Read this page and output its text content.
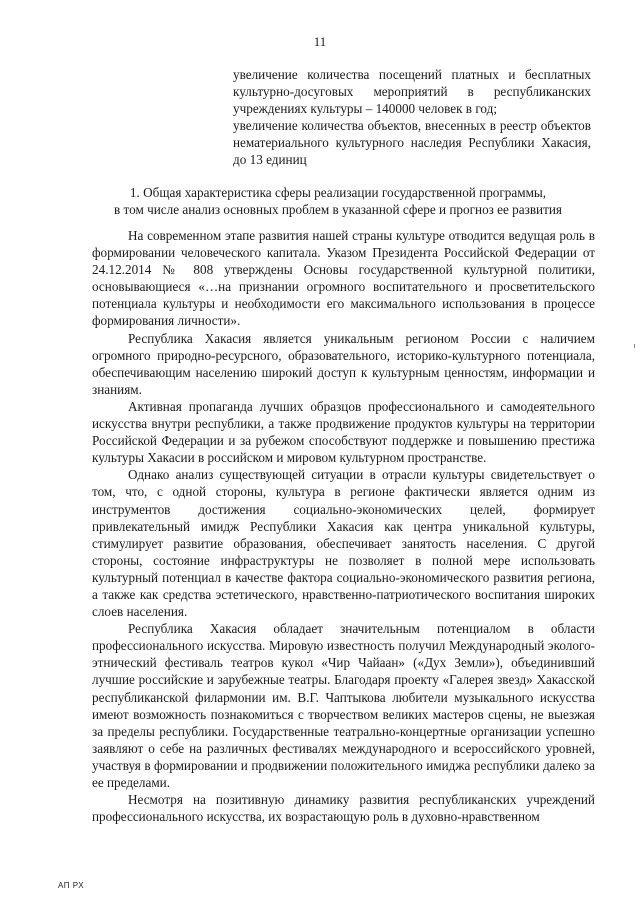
11

увеличение количества посещений платных и бесплатных культурно-досуговых мероприятий в республиканских учреждениях культуры – 140000 человек в год;

увеличение количества объектов, внесенных в реестр объектов нематериального культурного наследия Республики Хакасия, до 13 единиц

1. Общая характеристика сферы реализации государственной программы,

в том числе анализ основных проблем в указанной сфере и прогноз ее развития

На современном этапе развития нашей страны культуре отводится ведущая роль в формировании человеческого капитала. Указом Президента Российской Федерации от 24.12.2014 № 808 утверждены Основы государственной культурной политики, основывающиеся «…на признании огромного воспитательного и просветительского потенциала культуры и необходимости его максимального использования в процессе формирования личности».

Республика Хакасия является уникальным регионом России с наличием огромного природно-ресурсного, образовательного, историко-культурного потенциала, обеспечивающим населению широкий доступ к культурным ценностям, информации и знаниям.

Активная пропаганда лучших образцов профессионального и самодеятельного искусства внутри республики, а также продвижение продуктов культуры на территории Российской Федерации и за рубежом способствуют поддержке и повышению престижа культуры Хакасии в российском и мировом культурном пространстве.

Однако анализ существующей ситуации в отрасли культуры свидетельствует о том, что, с одной стороны, культура в регионе фактически является одним из инструментов достижения социально-экономических целей, формирует привлекательный имидж Республики Хакасия как центра уникальной культуры, стимулирует развитие образования, обеспечивает занятость населения. С другой стороны, состояние инфраструктуры не позволяет в полной мере использовать культурный потенциал в качестве фактора социально-экономического развития региона, а также как средства эстетического, нравственно-патриотического воспитания широких слоев населения.

Республика Хакасия обладает значительным потенциалом в области профессионального искусства. Мировую известность получил Международный эколого-этнический фестиваль театров кукол «Чир Чайаан» («Дух Земли»), объединивший лучшие российские и зарубежные театры. Благодаря проекту «Галерея звезд» Хакасской республиканской филармонии им. В.Г. Чаптыкова любители музыкального искусства имеют возможность познакомиться с творчеством великих мастеров сцены, не выезжая за пределы республики. Государственные театрально-концертные организации успешно заявляют о себе на различных фестивалях международного и всероссийского уровней, участвуя в формировании и продвижении положительного имиджа республики далеко за ее пределами.

Несмотря на позитивную динамику развития республиканских учреждений профессионального искусства, их возрастающую роль в духовно-нравственном

АП РХ
